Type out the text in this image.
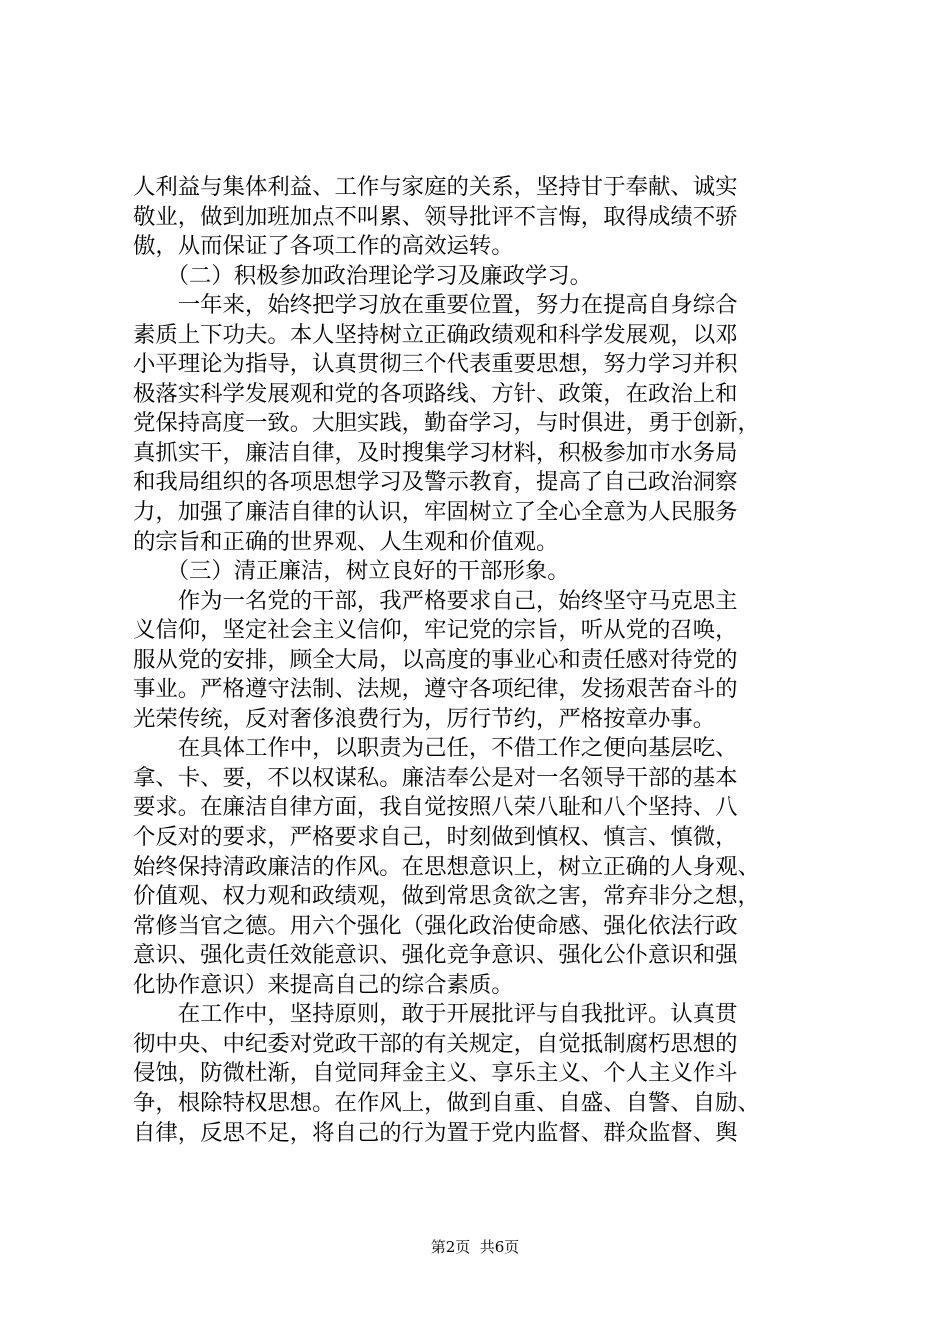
人利益与集体利益、工作与家庭的关系，坚持甘于奉献、诚实
敬业，做到加班加点不叫累、领导批评不言悔，取得成绩不骄
傲，从而保证了各项工作的高效运转。
　　（二）积极参加政治理论学习及廉政学习。
　　一年来，始终把学习放在重要位置，努力在提高自身综合
素质上下功夫。本人坚持树立正确政绩观和科学发展观，以邓
小平理论为指导，认真贯彻三个代表重要思想，努力学习并积
极落实科学发展观和党的各项路线、方针、政策，在政治上和
党保持高度一致。大胆实践，勤奋学习，与时俱进，勇于创新，
真抓实干，廉洁自律，及时搜集学习材料，积极参加市水务局
和我局组织的各项思想学习及警示教育，提高了自己政治洞察
力，加强了廉洁自律的认识，牢固树立了全心全意为人民服务
的宗旨和正确的世界观、人生观和价值观。
　　（三）清正廉洁，树立良好的干部形象。
　　作为一名党的干部，我严格要求自己，始终坚守马克思主
义信仰，坚定社会主义信仰，牢记党的宗旨，听从党的召唤，
服从党的安排，顾全大局，以高度的事业心和责任感对待党的
事业。严格遵守法制、法规，遵守各项纪律，发扬艰苦奋斗的
光荣传统，反对奢侈浪费行为，厉行节约，严格按章办事。
　　在具体工作中，以职责为己任，不借工作之便向基层吃、
拿、卡、要，不以权谋私。廉洁奉公是对一名领导干部的基本
要求。在廉洁自律方面，我自觉按照八荣八耻和八个坚持、八
个反对的要求，严格要求自己，时刻做到慎权、慎言、慎微，
始终保持清政廉洁的作风。在思想意识上，树立正确的人身观、
价值观、权力观和政绩观，做到常思贪欲之害，常弃非分之想，
常修当官之德。用六个强化（强化政治使命感、强化依法行政
意识、强化责任效能意识、强化竞争意识、强化公仆意识和强
化协作意识）来提高自己的综合素质。
　　在工作中，坚持原则，敢于开展批评与自我批评。认真贯
彻中央、中纪委对党政干部的有关规定，自觉抵制腐朽思想的
侵蚀，防微杜渐，自觉同拜金主义、享乐主义、个人主义作斗
争，根除特权思想。在作风上，做到自重、自盛、自警、自励、
自律，反思不足，将自己的行为置于党内监督、群众监督、舆
第2页  共6页
